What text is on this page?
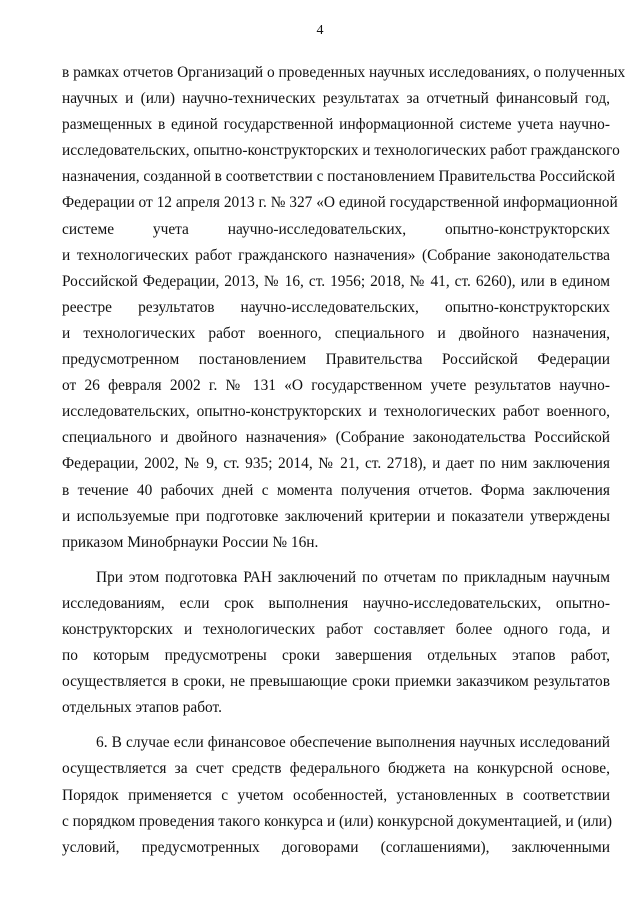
4
в рамках отчетов Организаций о проведенных научных исследованиях, о полученных
научных и (или) научно-технических результатах за отчетный финансовый год,
размещенных в единой государственной информационной системе учета научно-
исследовательских, опытно-конструкторских и технологических работ гражданского
назначения, созданной в соответствии с постановлением Правительства Российской
Федерации от 12 апреля 2013 г. № 327 «О единой государственной информационной
системе учета научно-исследовательских, опытно-конструкторских
и технологических работ гражданского назначения» (Собрание законодательства
Российской Федерации, 2013, № 16, ст. 1956; 2018, № 41, ст. 6260), или в едином
реестре результатов научно-исследовательских, опытно-конструкторских
и технологических работ военного, специального и двойного назначения,
предусмотренном постановлением Правительства Российской Федерации
от 26 февраля 2002 г. № 131 «О государственном учете результатов научно-
исследовательских, опытно-конструкторских и технологических работ военного,
специального и двойного назначения» (Собрание законодательства Российской
Федерации, 2002, № 9, ст. 935; 2014, № 21, ст. 2718), и дает по ним заключения
в течение 40 рабочих дней с момента получения отчетов. Форма заключения
и используемые при подготовке заключений критерии и показатели утверждены
приказом Минобрнауки России № 16н.
При этом подготовка РАН заключений по отчетам по прикладным научным
исследованиям, если срок выполнения научно-исследовательских, опытно-
конструкторских и технологических работ составляет более одного года, и
по которым предусмотрены сроки завершения отдельных этапов работ,
осуществляется в сроки, не превышающие сроки приемки заказчиком результатов
отдельных этапов работ.
6. В случае если финансовое обеспечение выполнения научных исследований
осуществляется за счет средств федерального бюджета на конкурсной основе,
Порядок применяется с учетом особенностей, установленных в соответствии
с порядком проведения такого конкурса и (или) конкурсной документацией, и (или)
условий, предусмотренных договорами (соглашениями), заключенными
